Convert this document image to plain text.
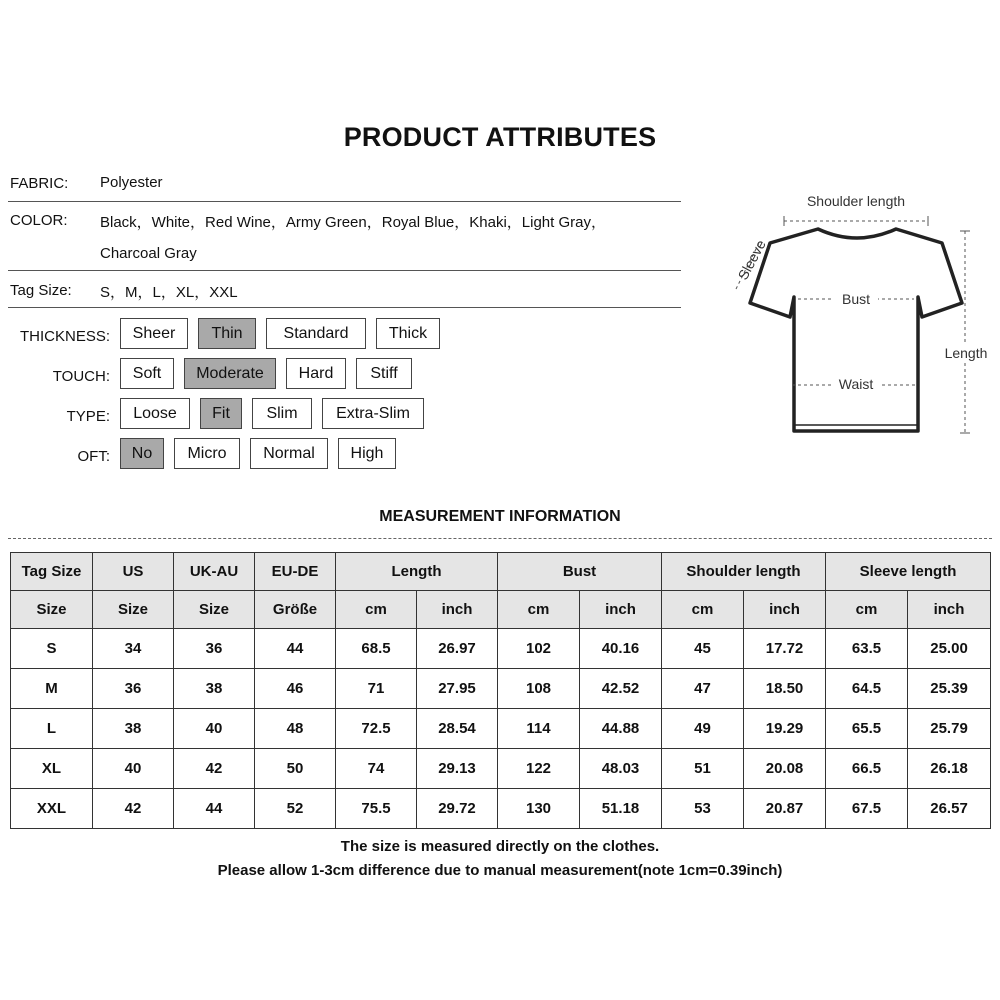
PRODUCT ATTRIBUTES
FABRIC: Polyester
COLOR: Black，White，Red Wine，Army Green，Royal Blue，Khaki，Light Gray，
Charcoal Gray
Tag Size: S，M，L，XL，XXL
THICKNESS:	Sheer	Thin	Standard	Thick
TOUCH:	Soft	Moderate	Hard	Stiff
TYPE:	Loose	Fit	Slim	Extra-Slim
OFT:	No	Micro	Normal	High
Shoulder length
Sleeve
Bust
Waist
Length
MEASUREMENT INFORMATION
Tag Size	US	UK-AU	EU-DE	Length		Bust		Shoulder length		Sleeve length	
Size	Size	Size	Größe	cm	inch	cm	inch	cm	inch	cm	inch
S	34	36	44	68.5	26.97	102	40.16	45	17.72	63.5	25.00
M	36	38	46	71	27.95	108	42.52	47	18.50	64.5	25.39
L	38	40	48	72.5	28.54	114	44.88	49	19.29	65.5	25.79
XL	40	42	50	74	29.13	122	48.03	51	20.08	66.5	26.18
XXL	42	44	52	75.5	29.72	130	51.18	53	20.87	67.5	26.57
The size is measured directly on the clothes.
Please allow 1-3cm difference due to manual measurement(note 1cm=0.39inch)
